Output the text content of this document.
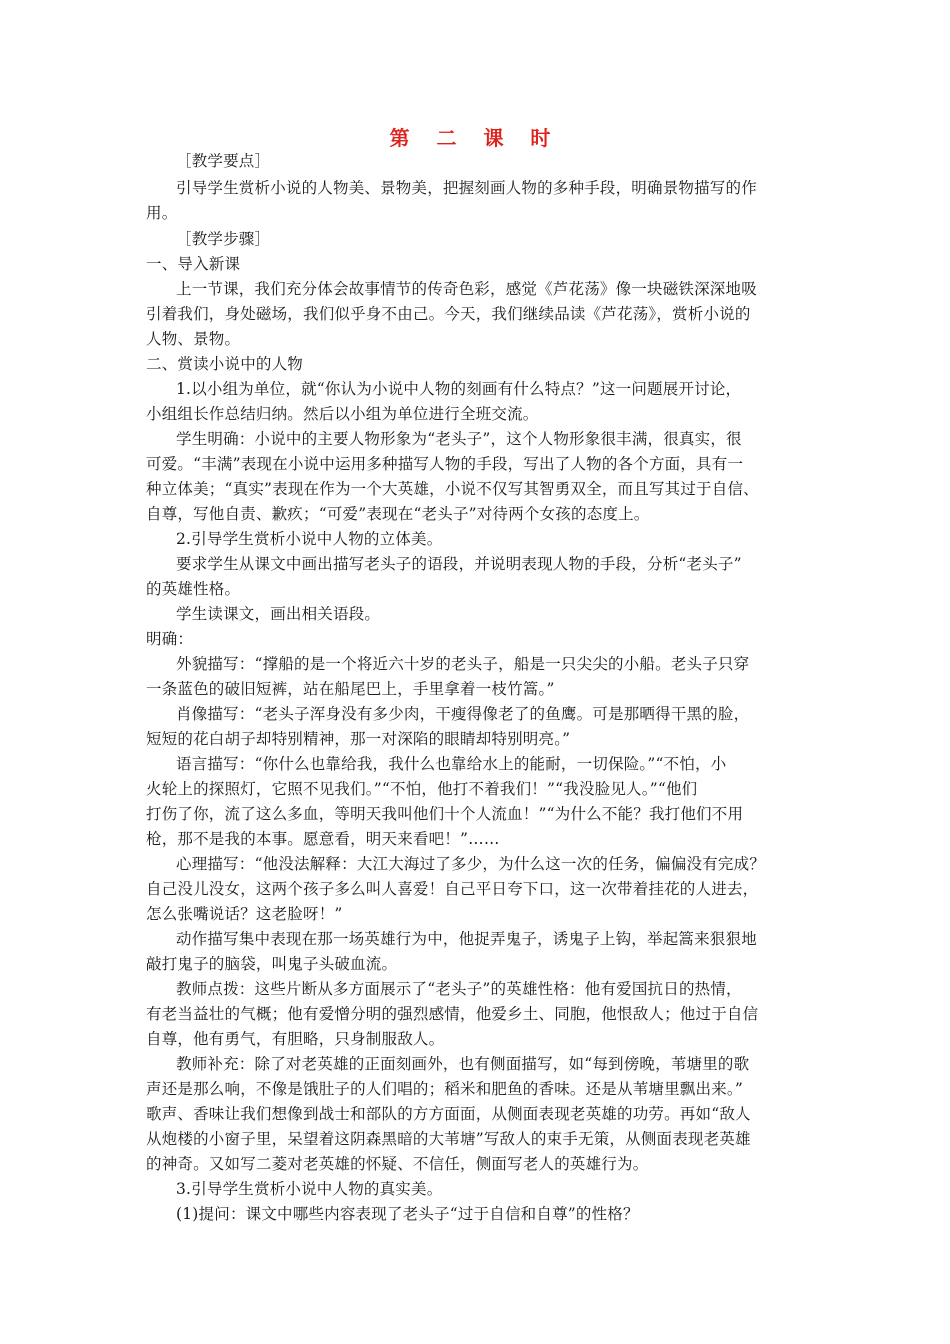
第 二 课 时
［教学要点］
引导学生赏析小说的人物美、景物美，把握刻画人物的多种手段，明确景物描写的作
用。
［教学步骤］
一、导入新课
上一节课，我们充分体会故事情节的传奇色彩，感觉《芦花荡》像一块磁铁深深地吸
引着我们，身处磁场，我们似乎身不由己。今天，我们继续品读《芦花荡》，赏析小说的
人物、景物。
二、赏读小说中的人物
1.以小组为单位，就“你认为小说中人物的刻画有什么特点？”这一问题展开讨论，
小组组长作总结归纳。然后以小组为单位进行全班交流。
学生明确：小说中的主要人物形象为“老头子”，这个人物形象很丰满，很真实，很
可爱。“丰满”表现在小说中运用多种描写人物的手段，写出了人物的各个方面，具有一
种立体美；“真实”表现在作为一个大英雄，小说不仅写其智勇双全，而且写其过于自信、
自尊，写他自责、歉疚；“可爱”表现在“老头子”对待两个女孩的态度上。
2.引导学生赏析小说中人物的立体美。
要求学生从课文中画出描写老头子的语段，并说明表现人物的手段，分析“老头子”
的英雄性格。
学生读课文，画出相关语段。
明确：
外貌描写：“撑船的是一个将近六十岁的老头子，船是一只尖尖的小船。老头子只穿
一条蓝色的破旧短裤，站在船尾巴上，手里拿着一枝竹篙。”
肖像描写：“老头子浑身没有多少肉，干瘦得像老了的鱼鹰。可是那晒得干黑的脸，
短短的花白胡子却特别精神，那一对深陷的眼睛却特别明亮。”
语言描写：“你什么也靠给我，我什么也靠给水上的能耐，一切保险。”“不怕，小
火轮上的探照灯，它照不见我们。”“不怕，他打不着我们！”“我没脸见人。”“他们
打伤了你，流了这么多血，等明天我叫他们十个人流血！”“为什么不能？我打他们不用
枪，那不是我的本事。愿意看，明天来看吧！”……
心理描写：“他没法解释：大江大海过了多少，为什么这一次的任务，偏偏没有完成？
自己没儿没女，这两个孩子多么叫人喜爱！自己平日夸下口，这一次带着挂花的人进去，
怎么张嘴说话？这老脸呀！”
动作描写集中表现在那一场英雄行为中，他捉弄鬼子，诱鬼子上钩，举起篙来狠狠地
敲打鬼子的脑袋，叫鬼子头破血流。
教师点拨：这些片断从多方面展示了“老头子”的英雄性格：他有爱国抗日的热情，
有老当益壮的气概；他有爱憎分明的强烈感情，他爱乡土、同胞，他恨敌人；他过于自信
自尊，他有勇气，有胆略，只身制服敌人。
教师补充：除了对老英雄的正面刻画外，也有侧面描写，如“每到傍晚，苇塘里的歌
声还是那么响，不像是饿肚子的人们唱的；稻米和肥鱼的香味。还是从苇塘里飘出来。”
歌声、香味让我们想像到战士和部队的方方面面，从侧面表现老英雄的功劳。再如“敌人
从炮楼的小窗子里，呆望着这阴森黑暗的大苇塘”写敌人的束手无策，从侧面表现老英雄
的神奇。又如写二菱对老英雄的怀疑、不信任，侧面写老人的英雄行为。
3.引导学生赏析小说中人物的真实美。
(1)提问：课文中哪些内容表现了老头子“过于自信和自尊”的性格？
